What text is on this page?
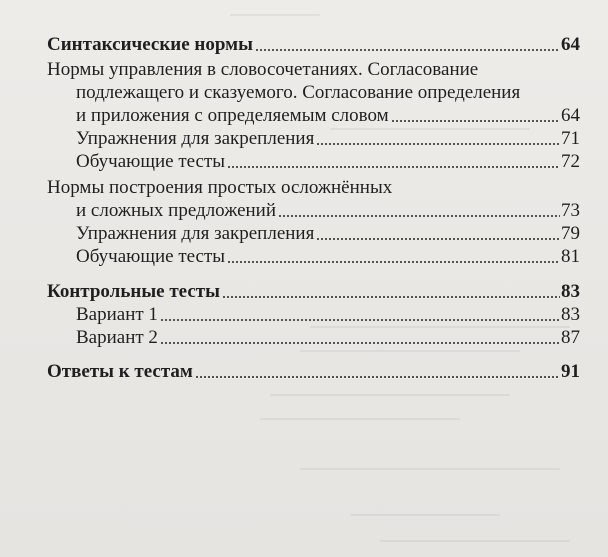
Синтаксические нормы	64
Нормы управления в словосочетаниях. Согласование
подлежащего и сказуемого. Согласование определения
и приложения с определяемым словом	64
Упражнения для закрепления	71
Обучающие тесты	72
Нормы построения простых осложнённых
и сложных предложений	73
Упражнения для закрепления	79
Обучающие тесты	81
Контрольные тесты	83
Вариант 1	83
Вариант 2	87
Ответы к тестам	91
